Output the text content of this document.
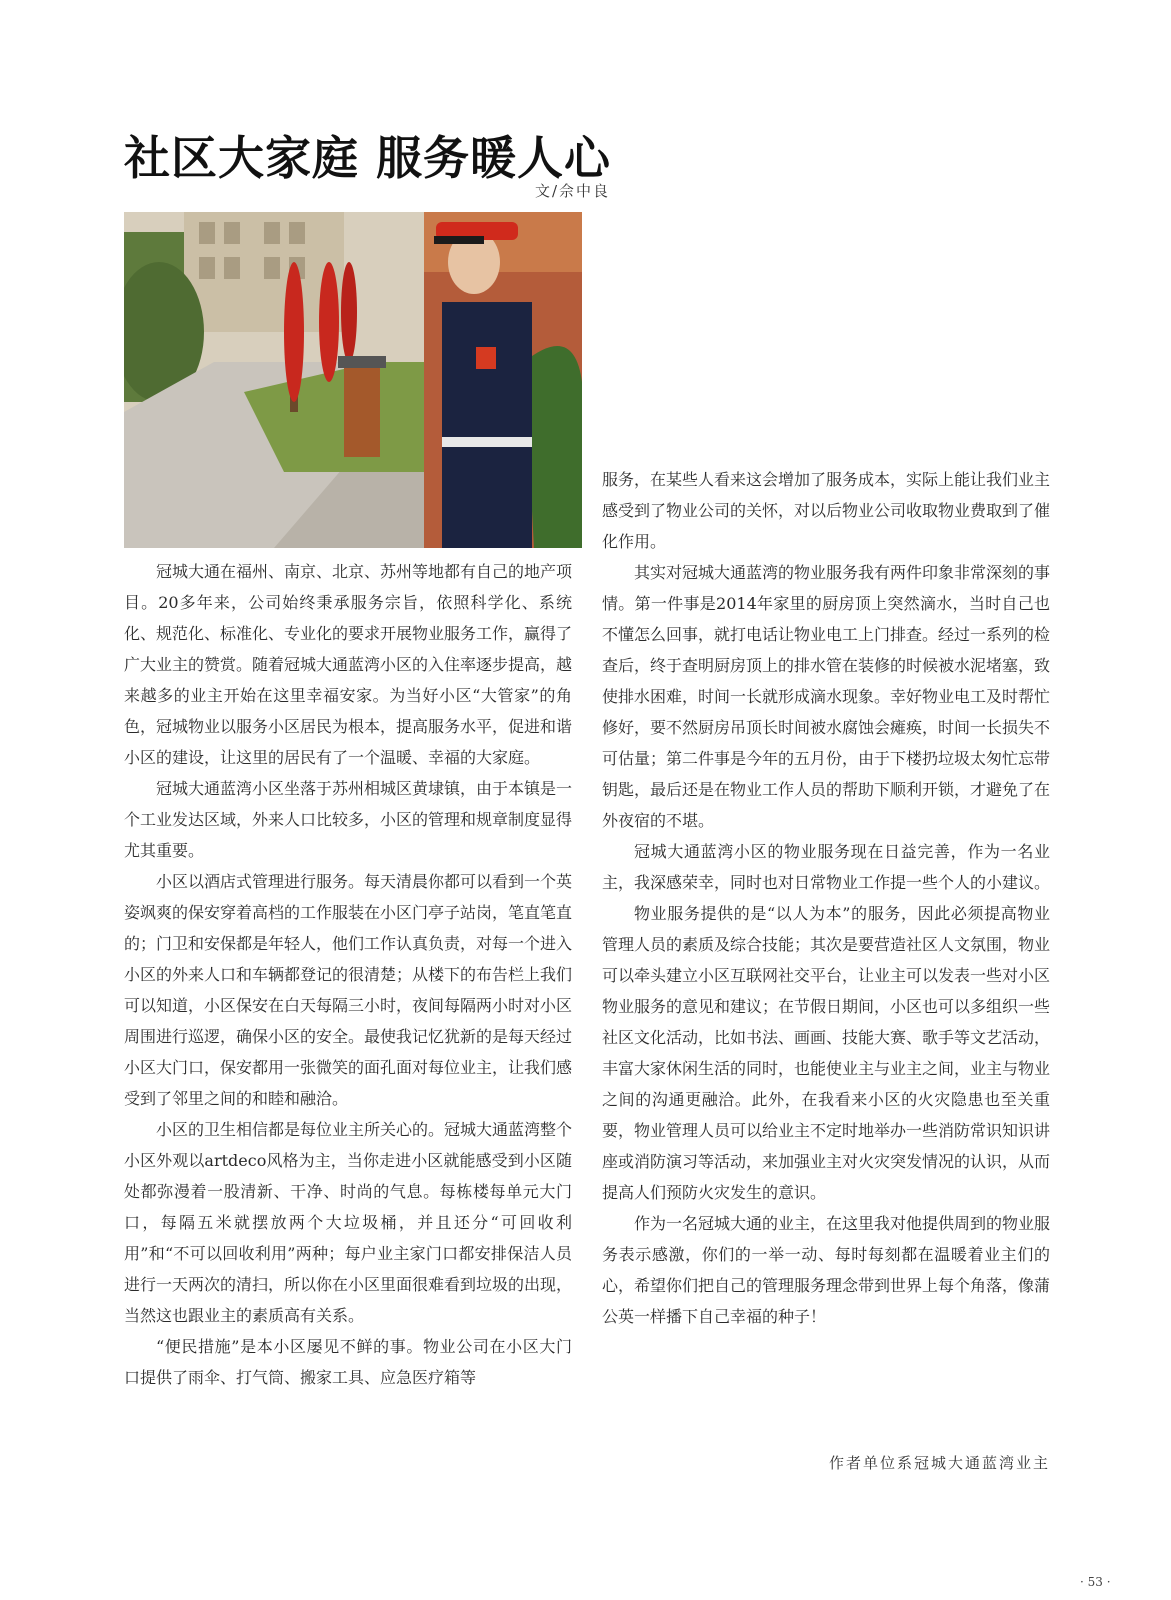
社区大家庭 服务暖人心
文/佘中良

冠城大通在福州、南京、北京、苏州等地都有自己的地产项目。20多年来，公司始终秉承服务宗旨，依照科学化、系统化、规范化、标准化、专业化的要求开展物业服务工作，赢得了广大业主的赞赏。随着冠城大通蓝湾小区的入住率逐步提高，越来越多的业主开始在这里幸福安家。为当好小区“大管家”的角色，冠城物业以服务小区居民为根本，提高服务水平，促进和谐小区的建设，让这里的居民有了一个温暖、幸福的大家庭。

冠城大通蓝湾小区坐落于苏州相城区黄埭镇，由于本镇是一个工业发达区域，外来人口比较多，小区的管理和规章制度显得尤其重要。

小区以酒店式管理进行服务。每天清晨你都可以看到一个英姿飒爽的保安穿着高档的工作服装在小区门亭子站岗，笔直笔直的；门卫和安保都是年轻人，他们工作认真负责，对每一个进入小区的外来人口和车辆都登记的很清楚；从楼下的布告栏上我们可以知道，小区保安在白天每隔三小时，夜间每隔两小时对小区周围进行巡逻，确保小区的安全。最使我记忆犹新的是每天经过小区大门口，保安都用一张微笑的面孔面对每位业主，让我们感受到了邻里之间的和睦和融洽。

小区的卫生相信都是每位业主所关心的。冠城大通蓝湾整个小区外观以artdeco风格为主，当你走进小区就能感受到小区随处都弥漫着一股清新、干净、时尚的气息。每栋楼每单元大门口，每隔五米就摆放两个大垃圾桶，并且还分“可回收利用”和“不可以回收利用”两种；每户业主家门口都安排保洁人员进行一天两次的清扫，所以你在小区里面很难看到垃圾的出现，当然这也跟业主的素质高有关系。

“便民措施”是本小区屡见不鲜的事。物业公司在小区大门口提供了雨伞、打气筒、搬家工具、应急医疗箱等

服务，在某些人看来这会增加了服务成本，实际上能让我们业主感受到了物业公司的关怀，对以后物业公司收取物业费取到了催化作用。

其实对冠城大通蓝湾的物业服务我有两件印象非常深刻的事情。第一件事是2014年家里的厨房顶上突然滴水，当时自己也不懂怎么回事，就打电话让物业电工上门排查。经过一系列的检查后，终于查明厨房顶上的排水管在装修的时候被水泥堵塞，致使排水困难，时间一长就形成滴水现象。幸好物业电工及时帮忙修好，要不然厨房吊顶长时间被水腐蚀会瘫痪，时间一长损失不可估量；第二件事是今年的五月份，由于下楼扔垃圾太匆忙忘带钥匙，最后还是在物业工作人员的帮助下顺利开锁，才避免了在外夜宿的不堪。

冠城大通蓝湾小区的物业服务现在日益完善，作为一名业主，我深感荣幸，同时也对日常物业工作提一些个人的小建议。

物业服务提供的是“以人为本”的服务，因此必须提高物业管理人员的素质及综合技能；其次是要营造社区人文氛围，物业可以牵头建立小区互联网社交平台，让业主可以发表一些对小区物业服务的意见和建议；在节假日期间，小区也可以多组织一些社区文化活动，比如书法、画画、技能大赛、歌手等文艺活动，丰富大家休闲生活的同时，也能使业主与业主之间，业主与物业之间的沟通更融洽。此外，在我看来小区的火灾隐患也至关重要，物业管理人员可以给业主不定时地举办一些消防常识知识讲座或消防演习等活动，来加强业主对火灾突发情况的认识，从而提高人们预防火灾发生的意识。

作为一名冠城大通的业主，在这里我对他提供周到的物业服务表示感激，你们的一举一动、每时每刻都在温暖着业主们的心，希望你们把自己的管理服务理念带到世界上每个角落，像蒲公英一样播下自己幸福的种子！

作者单位系冠城大通蓝湾业主
· 53 ·
